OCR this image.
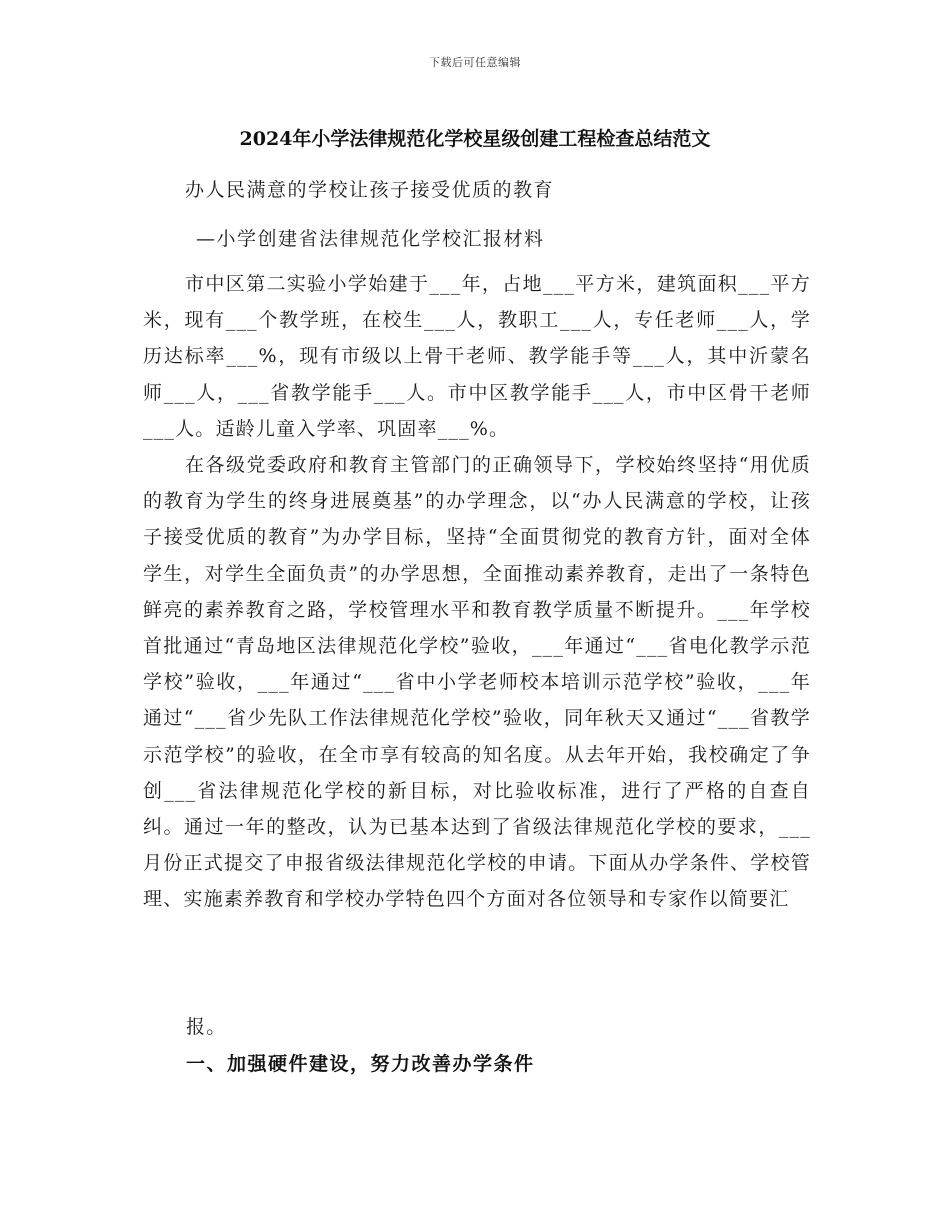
下载后可任意编辑
2024年小学法律规范化学校星级创建工程检查总结范文
办人民满意的学校让孩子接受优质的教育
—小学创建省法律规范化学校汇报材料

市中区第二实验小学始建于___年，占地___平方米，建筑面积___平方米，现有___个教学班，在校生___人，教职工___人，专任老师___人，学历达标率___%，现有市级以上骨干老师、教学能手等___人，其中沂蒙名师___人，___省教学能手___人。市中区教学能手___人，市中区骨干老师___人。适龄儿童入学率、巩固率___%。

在各级党委政府和教育主管部门的正确领导下，学校始终坚持“用优质的教育为学生的终身进展奠基”的办学理念，以“办人民满意的学校，让孩子接受优质的教育”为办学目标，坚持“全面贯彻党的教育方针，面对全体学生，对学生全面负责”的办学思想，全面推动素养教育，走出了一条特色鲜亮的素养教育之路，学校管理水平和教育教学质量不断提升。___年学校首批通过“青岛地区法律规范化学校”验收，___年通过“___省电化教学示范学校”验收，___年通过“___省中小学老师校本培训示范学校”验收，___年通过“___省少先队工作法律规范化学校”验收，同年秋天又通过“___省教学示范学校”的验收，在全市享有较高的知名度。从去年开始，我校确定了争创___省法律规范化学校的新目标，对比验收标准，进行了严格的自查自纠。通过一年的整改，认为已基本达到了省级法律规范化学校的要求，___月份正式提交了申报省级法律规范化学校的申请。下面从办学条件、学校管理、实施素养教育和学校办学特色四个方面对各位领导和专家作以简要汇

报。
一、加强硬件建设，努力改善办学条件
